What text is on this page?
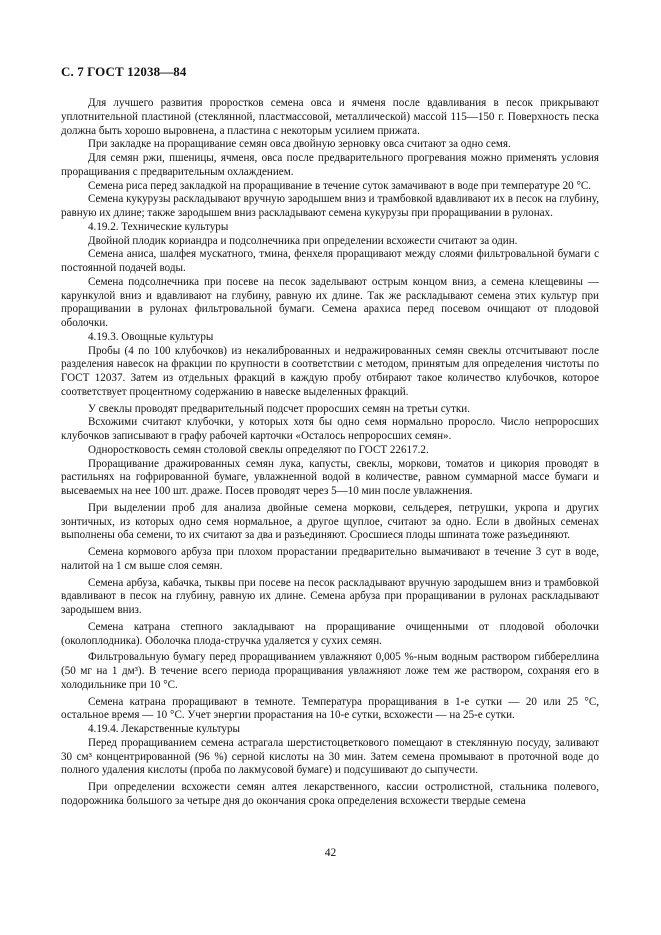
С. 7 ГОСТ 12038—84

Для лучшего развития проростков семена овса и ячменя после вдавливания в песок прикрывают уплотнительной пластиной (стеклянной, пластмассовой, металлической) массой 115—150 г. Поверхность песка должна быть хорошо выровнена, а пластина с некоторым усилием прижата.

При закладке на проращивание семян овса двойную зерновку овса считают за одно семя.

Для семян ржи, пшеницы, ячменя, овса после предварительного прогревания можно применять условия проращивания с предварительным охлаждением.

Семена риса перед закладкой на проращивание в течение суток замачивают в воде при температуре 20 °С.

Семена кукурузы раскладывают вручную зародышем вниз и трамбовкой вдавливают их в песок на глубину, равную их длине; также зародышем вниз раскладывают семена кукурузы при проращивании в рулонах.

4.19.2. Технические культуры

Двойной плодик кориандра и подсолнечника при определении всхожести считают за один.

Семена аниса, шалфея мускатного, тмина, фенхеля проращивают между слоями фильтровальной бумаги с постоянной подачей воды.

Семена подсолнечника при посеве на песок заделывают острым концом вниз, а семена клещевины — карункулой вниз и вдавливают на глубину, равную их длине. Так же раскладывают семена этих культур при проращивании в рулонах фильтровальной бумаги. Семена арахиса перед посевом очищают от плодовой оболочки.

4.19.3. Овощные культуры

Пробы (4 по 100 клубочков) из некалиброванных и недражированных семян свеклы отсчитывают после разделения навесок на фракции по крупности в соответствии с методом, принятым для определения чистоты по ГОСТ 12037. Затем из отдельных фракций в каждую пробу отбирают такое количество клубочков, которое соответствует процентному содержанию в навеске выделенных фракций.

У свеклы проводят предварительный подсчет проросших семян на третьи сутки.

Всхожими считают клубочки, у которых хотя бы одно семя нормально проросло. Число непроросших клубочков записывают в графу рабочей карточки «Осталось непроросших семян».

Одноростковость семян столовой свеклы определяют по ГОСТ 22617.2.

Проращивание дражированных семян лука, капусты, свеклы, моркови, томатов и цикория проводят в растильнях на гофрированной бумаге, увлажненной водой в количестве, равном суммарной массе бумаги и высеваемых на нее 100 шт. драже. Посев проводят через 5—10 мин после увлажнения.

При выделении проб для анализа двойные семена моркови, сельдерея, петрушки, укропа и других зонтичных, из которых одно семя нормальное, а другое щуплое, считают за одно. Если в двойных семенах выполнены оба семени, то их считают за два и разъединяют. Сросшиеся плоды шпината тоже разъединяют.

Семена кормового арбуза при плохом прорастании предварительно вымачивают в течение 3 сут в воде, налитой на 1 см выше слоя семян.

Семена арбуза, кабачка, тыквы при посеве на песок раскладывают вручную зародышем вниз и трамбовкой вдавливают в песок на глубину, равную их длине. Семена арбуза при проращивании в рулонах раскладывают зародышем вниз.

Семена катрана степного закладывают на проращивание очищенными от плодовой оболочки (околоплодника). Оболочка плода-стручка удаляется у сухих семян.

Фильтровальную бумагу перед проращиванием увлажняют 0,005 %-ным водным раствором гиббереллина (50 мг на 1 дм³). В течение всего периода проращивания увлажняют ложе тем же раствором, сохраняя его в холодильнике при 10 °С.

Семена катрана проращивают в темноте. Температура проращивания в 1-е сутки — 20 или 25 °С, остальное время — 10 °С. Учет энергии прорастания на 10-е сутки, всхожести — на 25-е сутки.

4.19.4. Лекарственные культуры

Перед проращиванием семена астрагала шерстистоцветкового помещают в стеклянную посуду, заливают 30 см³ концентрированной (96 %) серной кислоты на 30 мин. Затем семена промывают в проточной воде до полного удаления кислоты (проба по лакмусовой бумаге) и подсушивают до сыпучести.

При определении всхожести семян алтея лекарственного, кассии остролистной, стальника полевого, подорожника большого за четыре дня до окончания срока определения всхожести твердые семена

42
